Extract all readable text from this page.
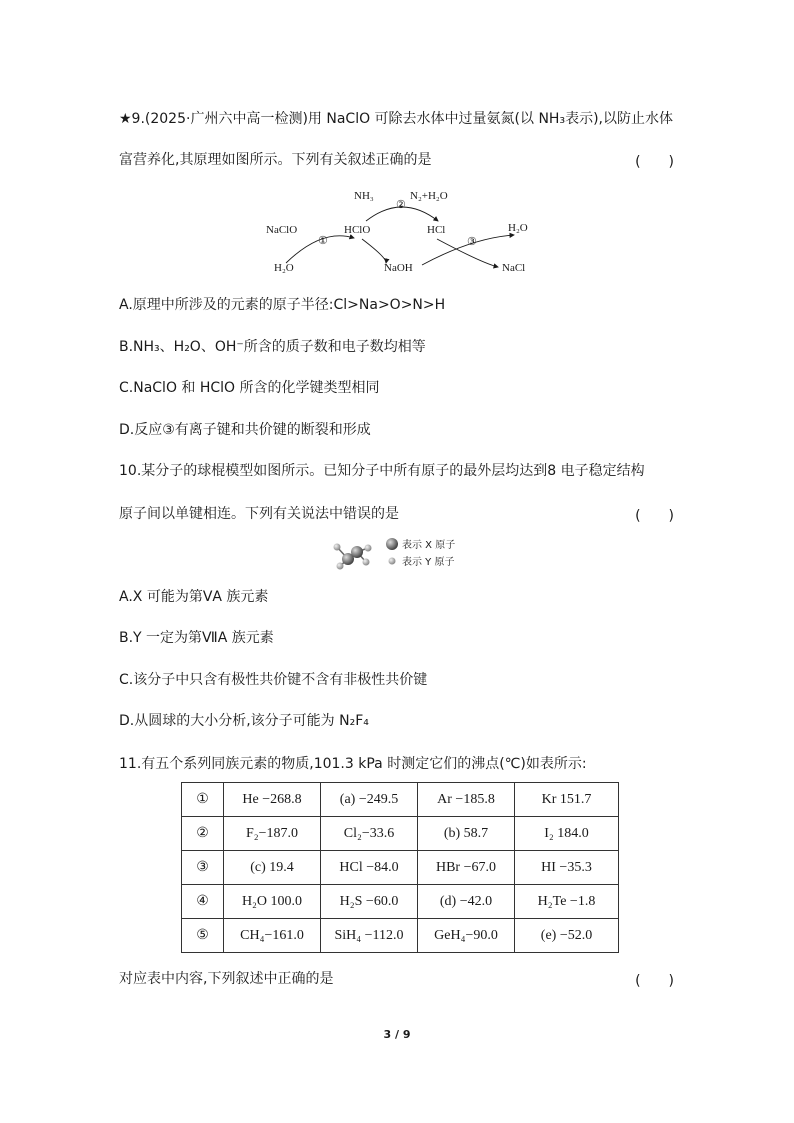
★9.(2025·广州六中高一检测)用 NaClO 可除去水体中过量氨氮(以 NH₃表示),以防止水体
富营养化,其原理如图所示。下列有关叙述正确的是	(　　)
NH₃	N₂+H₂O
②
NaClO
①
HClO	HCl
③
H₂O
H₂O	NaOH	NaCl
A.原理中所涉及的元素的原子半径:Cl>Na>O>N>H
B.NH₃、H₂O、OH⁻所含的质子数和电子数均相等
C.NaClO 和 HClO 所含的化学键类型相同
D.反应③有离子键和共价键的断裂和形成
10.某分子的球棍模型如图所示。已知分子中所有原子的最外层均达到8 电子稳定结构
原子间以单键相连。下列有关说法中错误的是	(　　)
表示 X 原子
表示 Y 原子
A.X 可能为第ⅤA 族元素
B.Y 一定为第ⅦA 族元素
C.该分子中只含有极性共价键不含有非极性共价键
D.从圆球的大小分析,该分子可能为 N₂F₄
11.有五个系列同族元素的物质,101.3 kPa 时测定它们的沸点(℃)如表所示:
①	He −268.8	(a) −249.5	Ar −185.8	Kr 151.7
②	F₂−187.0	Cl₂−33.6	(b) 58.7	I₂ 184.0
③	(c) 19.4	HCl −84.0	HBr −67.0	HI −35.3
④	H₂O 100.0	H₂S −60.0	(d) −42.0	H₂Te −1.8
⑤	CH₄−161.0	SiH₄ −112.0	GeH₄−90.0	(e) −52.0
对应表中内容,下列叙述中正确的是	(　　)
3 / 9
